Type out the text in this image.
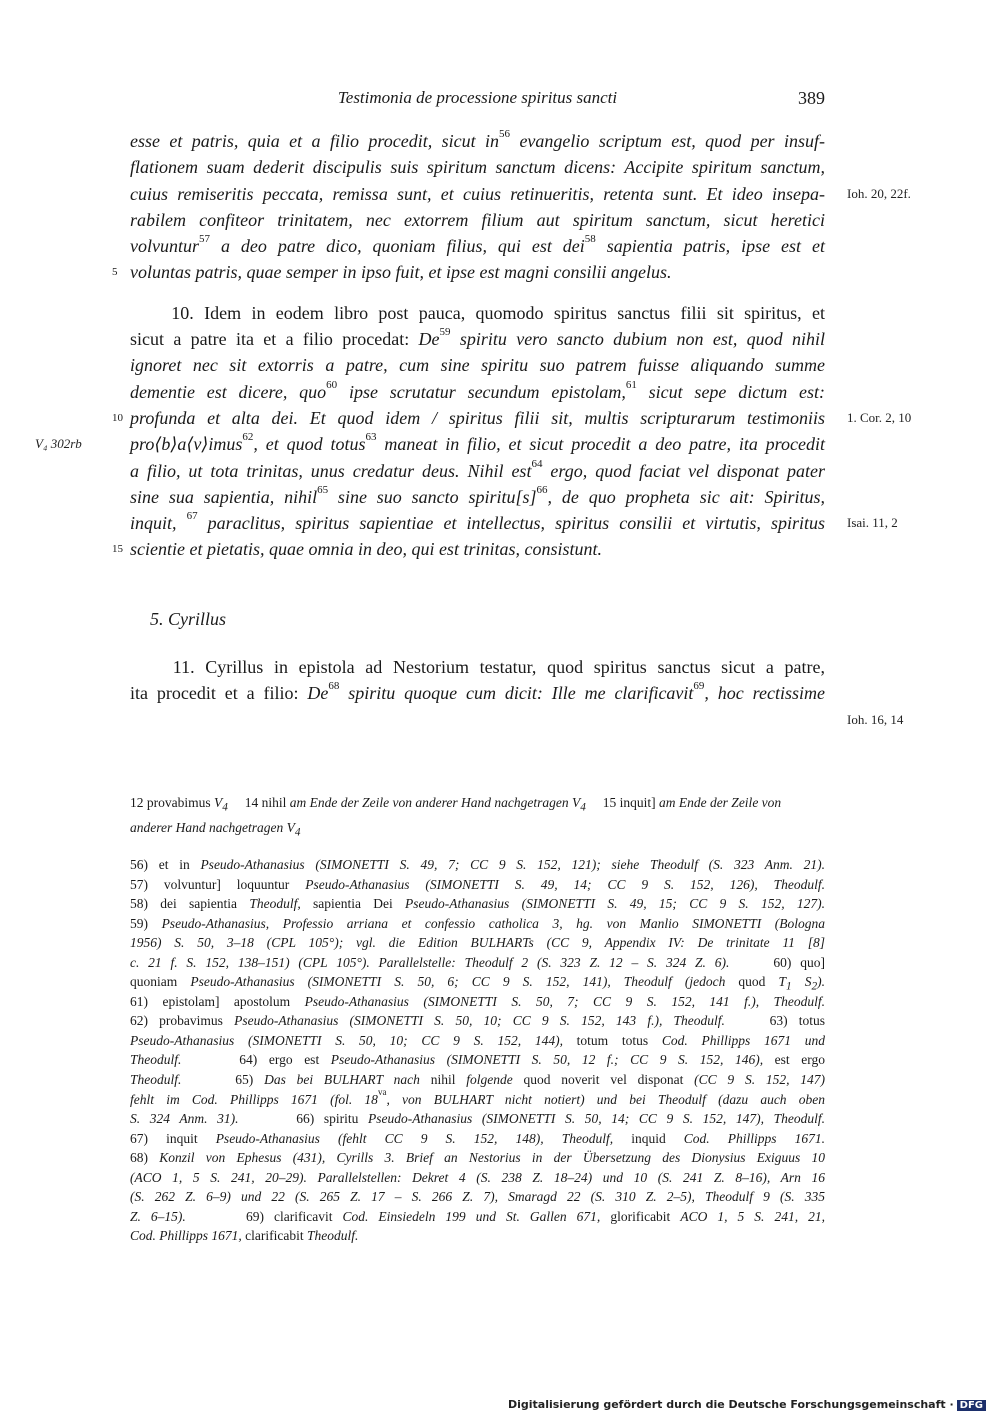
Testimonia de processione spiritus sancti	389
esse et patris, quia et a filio procedit, sicut $in^{56}$ evangelio scriptum est, quod per insuf-
flationem suam dederit discipulis suis spiritum sanctum dicens: Accipite spiritum sanctum,
Ioh. 20, 22f.
cuius remiseritis peccata, remissa sunt, et cuius retinueritis, retenta sunt. Et ideo insepa-
rabilem confiteor trinitatem, nec extorrem filium aut spiritum sanctum, sicut heretici
volvuntur$^{57}$ a deo patre dico, quoniam filius, qui est dei$^{58}$ sapientia patris, ipse est et
5 voluntas patris, quae semper in ipso fuit, et ipse est magni consilii angelus.
10. Idem in eodem libro post pauca, quomodo spiritus sanctus filii sit spiritus, et
sicut a patre ita et a filio procedat: De$^{59}$ spiritu vero sancto dubium non est, quod nihil
ignoret nec sit extorris a patre, cum sine spiritu suo patrem fuisse aliquando summe
dementie est dicere, quo$^{60}$ ipse scrutatur secundum epistolam,$^{61}$ sicut sepe dictum est:
10	1. Cor. 2, 10
profunda et alta dei. Et quod idem / spiritus filii sit, multis scripturarum testimoniis
V₄ 302rb	pro⟨b⟩a⟨v⟩imus$^{62}$, et quod totus$^{63}$ maneat in filio, et sicut procedit a deo patre, ita procedit
a filio, ut tota trinitas, unus credatur deus. Nihil est$^{64}$ ergo, quod faciat vel disponat pater
sine sua sapientia, nihil$^{65}$ sine suo sancto $spiritu[s]^{66}$, de quo propheta sic ait: Spiritus,
Isai. 11, 2
inquit, $^{67}$ paraclitus, spiritus sapientiae et intellectus, spiritus consilii et virtutis, spiritus
15 scientie et pietatis, quae omnia in deo, qui est trinitas, consistunt.
5. Cyrillus
11. Cyrillus in epistola ad Nestorium testatur, quod spiritus sanctus sicut a patre,
ita procedit et a filio: De$^{68}$ spiritu quoque cum dicit: Ille me clarificavit$^{69}$, hoc rectissime
Ioh. 16, 14
12 provabimus $V_4$     14 nihil am Ende der Zeile von anderer Hand nachgetragen $V_4$     15 inquit] am Ende der Zeile von anderer Hand nachgetragen $V_4$
56) et in Pseudo-Athanasius (SIMONETTI S. 49, 7; CC 9 S. 152, 121); siehe Theodulf (S. 323 Anm. 21).
57) volvuntur] loquuntur Pseudo-Athanasius (SIMONETTI S. 49, 14; CC 9 S. 152, 126), Theodulf.
58) dei sapientia Theodulf, sapientia Dei Pseudo-Athanasius (SIMONETTI S. 49, 15; CC 9 S. 152, 127).
59) Pseudo-Athanasius, Professio arriana et confessio catholica 3, hg. von Manlio SIMONETTI (Bologna
1956) S. 50, 3–18 (CPL 105°); vgl. die Edition BULHARTs (CC 9, Appendix IV: De trinitate 11 [8]
c. 21 f. S. 152, 138–151) (CPL 105°). Parallelstelle: Theodulf 2 (S. 323 Z. 12 – S. 324 Z. 6).     60) quo]
quoniam Pseudo-Athanasius (SIMONETTI S. 50, 6; CC 9 S. 152, 141), Theodulf (jedoch quod $T_1$ $S_2$).
61) epistolam] apostolum Pseudo-Athanasius (SIMONETTI S. 50, 7; CC 9 S. 152, 141 f.), Theodulf.
62) probavimus Pseudo-Athanasius (SIMONETTI S. 50, 10; CC 9 S. 152, 143 f.), Theodulf.    63) totus
Pseudo-Athanasius (SIMONETTI S. 50, 10; CC 9 S. 152, 144), totum totus Cod. Phillipps 1671 und
Theodulf.     64) ergo est Pseudo-Athanasius (SIMONETTI S. 50, 12 f.; CC 9 S. 152, 146), est ergo
Theodulf.     65) Das bei BULHART nach nihil folgende quod noverit vel disponat (CC 9 S. 152, 147)
fehlt im Cod. Phillipps 1671 (fol. $18^{va}$, von BULHART nicht notiert) und bei Theodulf (dazu auch oben
S. 324 Anm. 31).      66) spiritu Pseudo-Athanasius (SIMONETTI S. 50, 14; CC 9 S. 152, 147), Theodulf.
67) inquit Pseudo-Athanasius (fehlt CC 9 S. 152, 148), Theodulf, inquid Cod. Phillipps 1671.
68) Konzil von Ephesus (431), Cyrills 3. Brief an Nestorius in der Übersetzung des Dionysius Exiguus 10
(ACO 1, 5 S. 241, 20–29). Parallelstellen: Dekret 4 (S. 238 Z. 18–24) und 10 (S. 241 Z. 8–16), Arn 16
(S. 262 Z. 6–9) und 22 (S. 265 Z. 17 – S. 266 Z. 7), Smaragd 22 (S. 310 Z. 2–5), Theodulf 9 (S. 335
Z. 6–15).      69) clarificavit Cod. Einsiedeln 199 und St. Gallen 671, glorificabit ACO 1, 5 S. 241, 21,
Cod. Phillipps 1671, clarificabit Theodulf.
Digitalisierung gefördert durch die Deutsche Forschungsgemeinschaft · DFG
